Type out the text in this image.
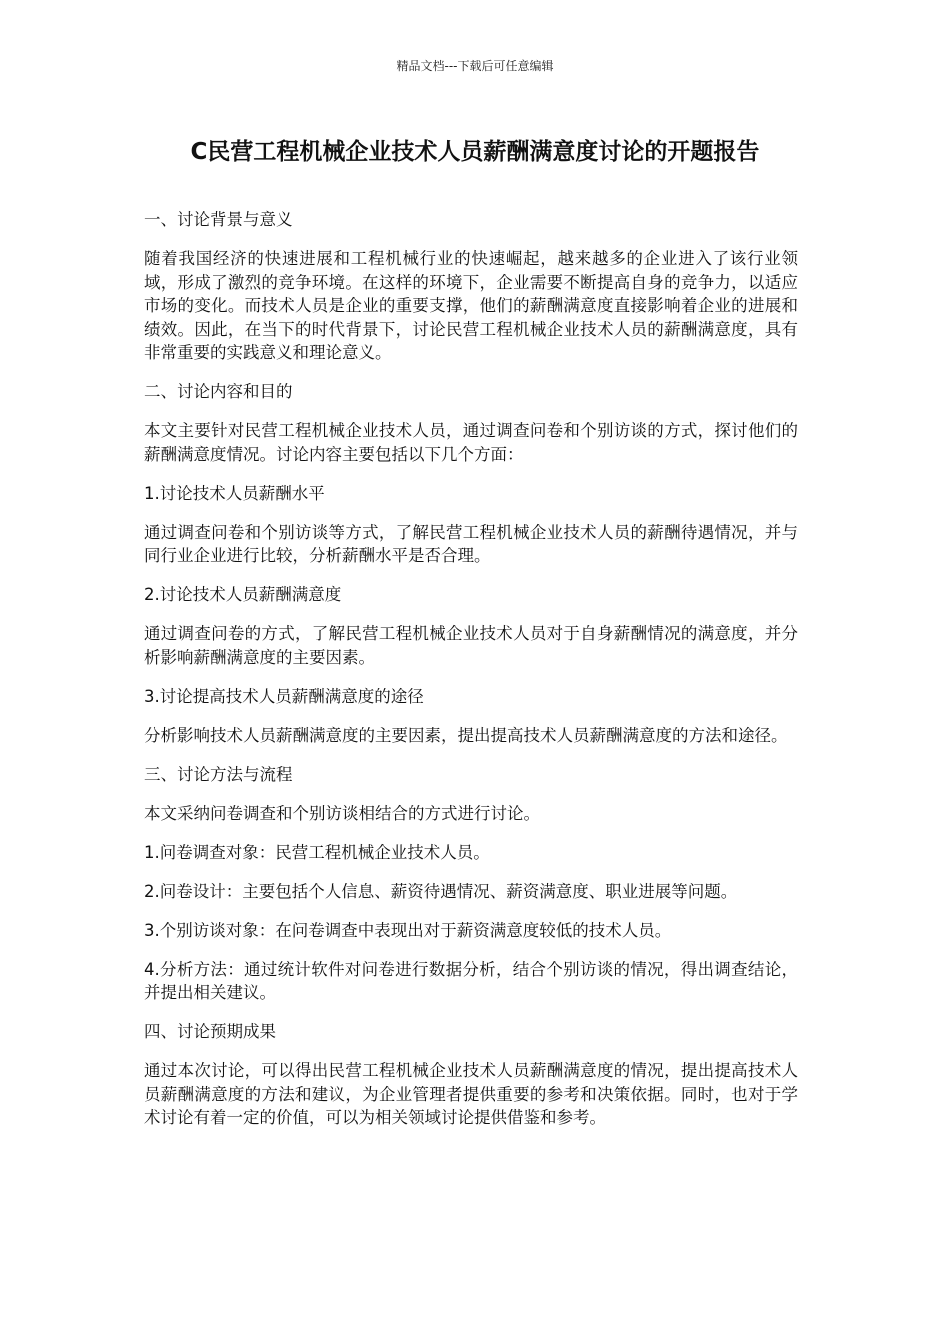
精品文档---下载后可任意编辑
C民营工程机械企业技术人员薪酬满意度讨论的开题报告

一、讨论背景与意义

随着我国经济的快速进展和工程机械行业的快速崛起，越来越多的企业进入了该行业领域，形成了激烈的竞争环境。在这样的环境下，企业需要不断提高自身的竞争力，以适应市场的变化。而技术人员是企业的重要支撑，他们的薪酬满意度直接影响着企业的进展和绩效。因此，在当下的时代背景下，讨论民营工程机械企业技术人员的薪酬满意度，具有非常重要的实践意义和理论意义。

二、讨论内容和目的

本文主要针对民营工程机械企业技术人员，通过调查问卷和个别访谈的方式，探讨他们的薪酬满意度情况。讨论内容主要包括以下几个方面：

1.讨论技术人员薪酬水平

通过调查问卷和个别访谈等方式，了解民营工程机械企业技术人员的薪酬待遇情况，并与同行业企业进行比较，分析薪酬水平是否合理。

2.讨论技术人员薪酬满意度

通过调查问卷的方式，了解民营工程机械企业技术人员对于自身薪酬情况的满意度，并分析影响薪酬满意度的主要因素。

3.讨论提高技术人员薪酬满意度的途径

分析影响技术人员薪酬满意度的主要因素，提出提高技术人员薪酬满意度的方法和途径。

三、讨论方法与流程

本文采纳问卷调查和个别访谈相结合的方式进行讨论。

1.问卷调查对象：民营工程机械企业技术人员。

2.问卷设计：主要包括个人信息、薪资待遇情况、薪资满意度、职业进展等问题。

3.个别访谈对象：在问卷调查中表现出对于薪资满意度较低的技术人员。

4.分析方法：通过统计软件对问卷进行数据分析，结合个别访谈的情况，得出调查结论，并提出相关建议。

四、讨论预期成果

通过本次讨论，可以得出民营工程机械企业技术人员薪酬满意度的情况，提出提高技术人员薪酬满意度的方法和建议，为企业管理者提供重要的参考和决策依据。同时，也对于学术讨论有着一定的价值，可以为相关领域讨论提供借鉴和参考。
